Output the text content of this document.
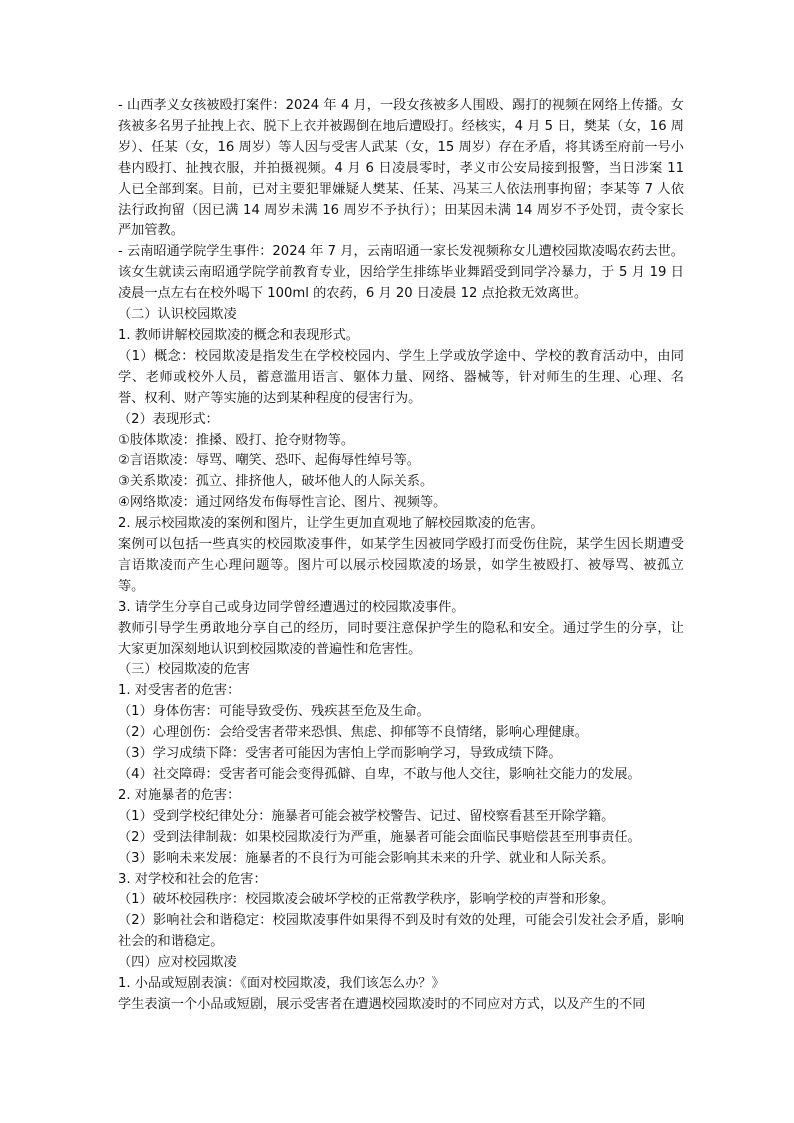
- 山西孝义女孩被殴打案件：2024 年 4 月，一段女孩被多人围殴、踢打的视频在网络上传播。女孩被多名男子扯拽上衣、脱下上衣并被踢倒在地后遭殴打。经核实，4 月 5 日，樊某（女，16 周岁）、任某（女，16 周岁）等人因与受害人武某（女，15 周岁）存在矛盾，将其诱至府前一号小巷内殴打、扯拽衣服，并拍摄视频。4 月 6 日凌晨零时，孝义市公安局接到报警，当日涉案 11 人已全部到案。目前，已对主要犯罪嫌疑人樊某、任某、冯某三人依法刑事拘留；李某等 7 人依法行政拘留（因已满 14 周岁未满 16 周岁不予执行）；田某因未满 14 周岁不予处罚，责令家长严加管教。

- 云南昭通学院学生事件：2024 年 7 月，云南昭通一家长发视频称女儿遭校园欺凌喝农药去世。该女生就读云南昭通学院学前教育专业，因给学生排练毕业舞蹈受到同学冷暴力，于 5 月 19 日凌晨一点左右在校外喝下 100ml 的农药，6 月 20 日凌晨 12 点抢救无效离世。

（二）认识校园欺凌

1. 教师讲解校园欺凌的概念和表现形式。

（1）概念：校园欺凌是指发生在学校校园内、学生上学或放学途中、学校的教育活动中，由同学、老师或校外人员，蓄意滥用语言、躯体力量、网络、器械等，针对师生的生理、心理、名誉、权利、财产等实施的达到某种程度的侵害行为。

（2）表现形式：

①肢体欺凌：推搡、殴打、抢夺财物等。

②言语欺凌：辱骂、嘲笑、恐吓、起侮辱性绰号等。

③关系欺凌：孤立、排挤他人，破坏他人的人际关系。

④网络欺凌：通过网络发布侮辱性言论、图片、视频等。

2. 展示校园欺凌的案例和图片，让学生更加直观地了解校园欺凌的危害。

案例可以包括一些真实的校园欺凌事件，如某学生因被同学殴打而受伤住院，某学生因长期遭受言语欺凌而产生心理问题等。图片可以展示校园欺凌的场景，如学生被殴打、被辱骂、被孤立等。

3. 请学生分享自己或身边同学曾经遭遇过的校园欺凌事件。

教师引导学生勇敢地分享自己的经历，同时要注意保护学生的隐私和安全。通过学生的分享，让大家更加深刻地认识到校园欺凌的普遍性和危害性。

（三）校园欺凌的危害

1. 对受害者的危害：

（1）身体伤害：可能导致受伤、残疾甚至危及生命。

（2）心理创伤：会给受害者带来恐惧、焦虑、抑郁等不良情绪，影响心理健康。

（3）学习成绩下降：受害者可能因为害怕上学而影响学习，导致成绩下降。

（4）社交障碍：受害者可能会变得孤僻、自卑，不敢与他人交往，影响社交能力的发展。

2. 对施暴者的危害：

（1）受到学校纪律处分：施暴者可能会被学校警告、记过、留校察看甚至开除学籍。

（2）受到法律制裁：如果校园欺凌行为严重，施暴者可能会面临民事赔偿甚至刑事责任。

（3）影响未来发展：施暴者的不良行为可能会影响其未来的升学、就业和人际关系。

3. 对学校和社会的危害：

（1）破坏校园秩序：校园欺凌会破坏学校的正常教学秩序，影响学校的声誉和形象。

（2）影响社会和谐稳定：校园欺凌事件如果得不到及时有效的处理，可能会引发社会矛盾，影响社会的和谐稳定。

（四）应对校园欺凌

1. 小品或短剧表演：《面对校园欺凌，我们该怎么办？》

学生表演一个小品或短剧，展示受害者在遭遇校园欺凌时的不同应对方式，以及产生的不同
